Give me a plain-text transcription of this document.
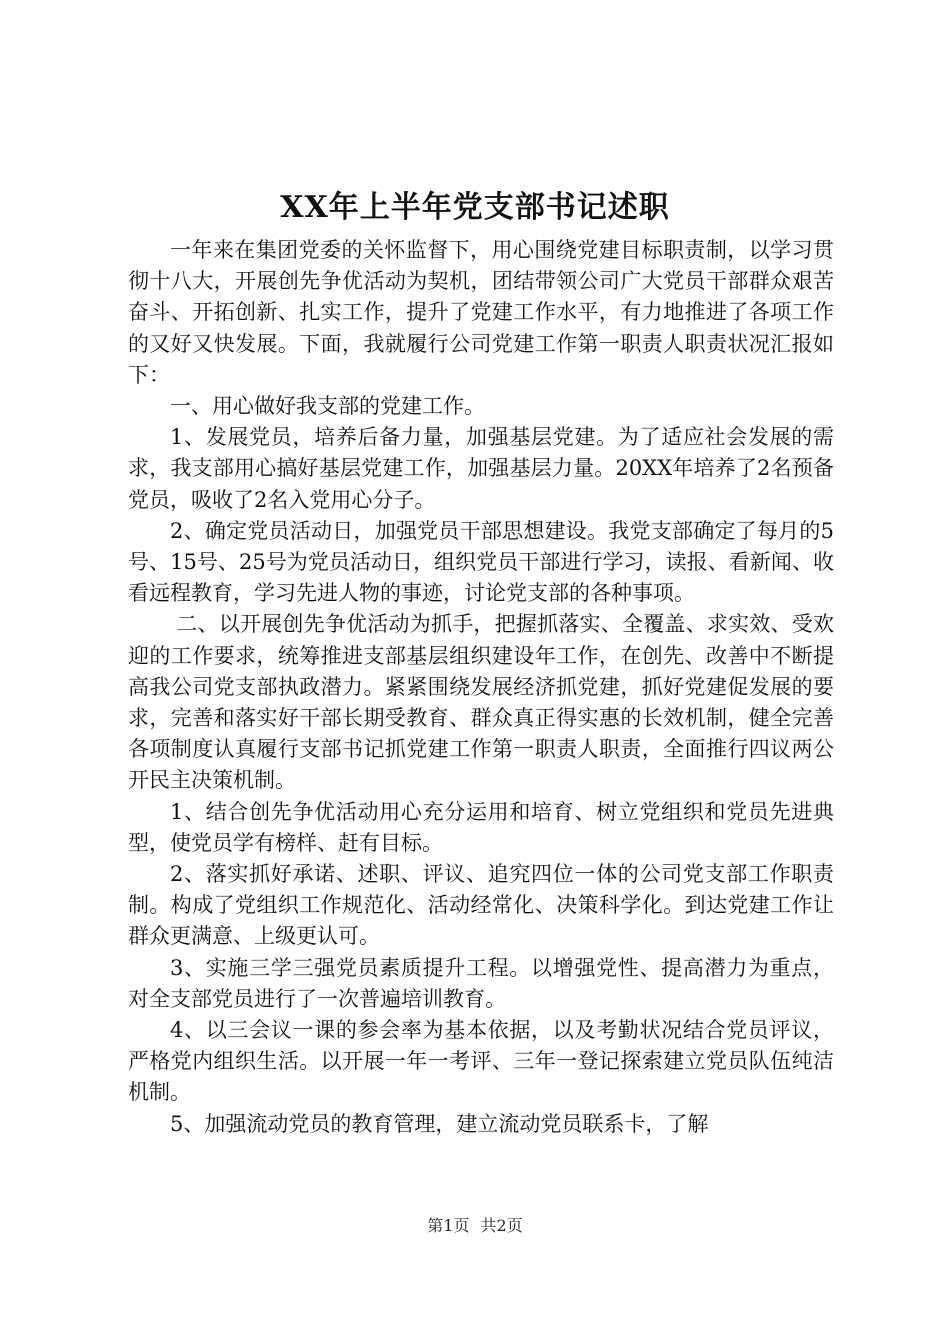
XX年上半年党支部书记述职

一年来在集团党委的关怀监督下，用心围绕党建目标职责制，以学习贯彻十八大，开展创先争优活动为契机，团结带领公司广大党员干部群众艰苦奋斗、开拓创新、扎实工作，提升了党建工作水平，有力地推进了各项工作的又好又快发展。下面，我就履行公司党建工作第一职责人职责状况汇报如下：

一、用心做好我支部的党建工作。

1、发展党员，培养后备力量，加强基层党建。为了适应社会发展的需求，我支部用心搞好基层党建工作，加强基层力量。20XX年培养了2名预备党员，吸收了2名入党用心分子。

2、确定党员活动日，加强党员干部思想建设。我党支部确定了每月的5号、15号、25号为党员活动日，组织党员干部进行学习，读报、看新闻、收看远程教育，学习先进人物的事迹，讨论党支部的各种事项。

二、以开展创先争优活动为抓手，把握抓落实、全覆盖、求实效、受欢迎的工作要求，统筹推进支部基层组织建设年工作，在创先、改善中不断提高我公司党支部执政潜力。紧紧围绕发展经济抓党建，抓好党建促发展的要求，完善和落实好干部长期受教育、群众真正得实惠的长效机制，健全完善各项制度认真履行支部书记抓党建工作第一职责人职责，全面推行四议两公开民主决策机制。

1、结合创先争优活动用心充分运用和培育、树立党组织和党员先进典型，使党员学有榜样、赶有目标。

2、落实抓好承诺、述职、评议、追究四位一体的公司党支部工作职责制。构成了党组织工作规范化、活动经常化、决策科学化。到达党建工作让群众更满意、上级更认可。

3、实施三学三强党员素质提升工程。以增强党性、提高潜力为重点，对全支部党员进行了一次普遍培训教育。

4、以三会议一课的参会率为基本依据，以及考勤状况结合党员评议，严格党内组织生活。以开展一年一考评、三年一登记探索建立党员队伍纯洁机制。

5、加强流动党员的教育管理，建立流动党员联系卡，了解

第1页 共2页
